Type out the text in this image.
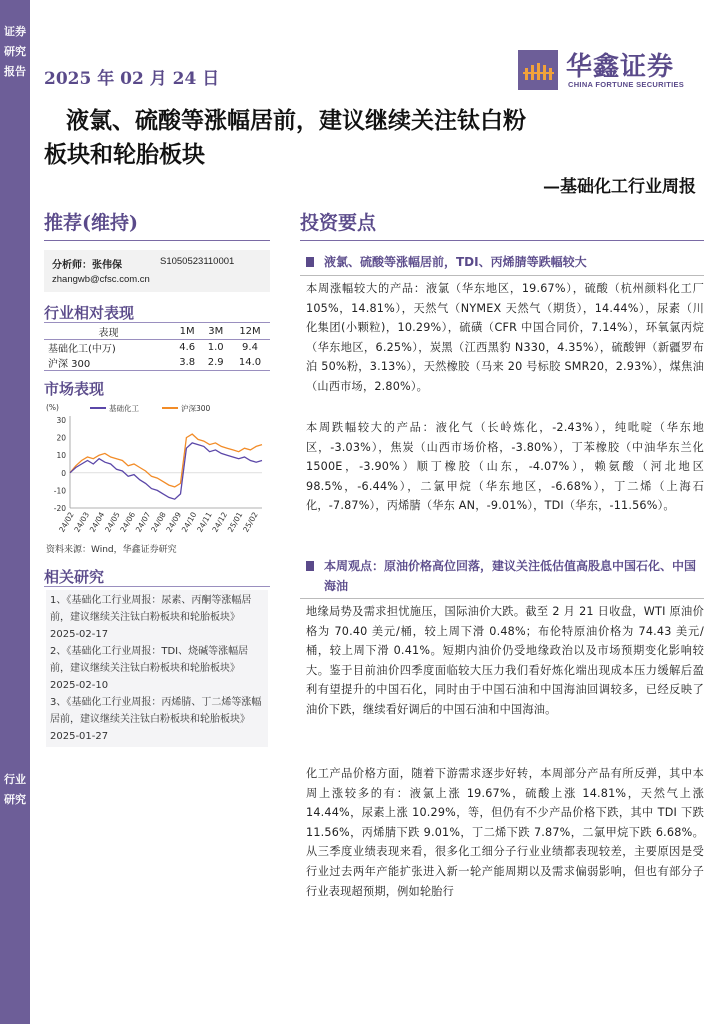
证券研究报告
行业研究
2025 年 02 月 24 日	华鑫证券
CHINA FORTUNE SECURITIES
液氯、硫酸等涨幅居前，建议继续关注钛白粉
板块和轮胎板块
—基础化工行业周报
推荐(维持)	投资要点
分析师：张伟保	S1050523110001
zhangwb@cfsc.com.cn
行业相对表现
表现	1M	3M	12M
基础化工(中万)	4.6	1.0	9.4
沪深 300	3.8	2.9	14.0
市场表现
(%)
30
20
10
0
-10
-20
24/02
24/03
24/04
24/05
24/06
24/07
24/08
24/09
24/10
24/11
24/12
25/01
25/02
基础化工	沪深300
资料来源：Wind，华鑫证券研究
相关研究

1、《基础化工行业周报：尿素、丙酮等涨幅居前，建议继续关注钛白粉板块和轮胎板块》2025-02-17

2、《基础化工行业周报：TDI、烧碱等涨幅居前，建议继续关注钛白粉板块和轮胎板块》2025-02-10

3、《基础化工行业周报：丙烯腈、丁二烯等涨幅居前，建议继续关注钛白粉板块和轮胎板块》2025-01-27

液氯、硫酸等涨幅居前，TDI、丙烯腈等跌幅较大
本周涨幅较大的产品：液氯（华东地区，19.67%），硫酸（杭州颜料化工厂 105%，14.81%），天然气（NYMEX 天然气（期货），14.44%），尿素（川化集团(小颗粒)，10.29%），硫磺（CFR 中国合同价，7.14%），环氧氯丙烷（华东地区，6.25%），炭黑（江西黑豹 N330，4.35%），硫酸钾（新疆罗布泊 50%粉，3.13%），天然橡胶（马来 20 号标胶 SMR20，2.93%），煤焦油（山西市场，2.80%）。
本周跌幅较大的产品：液化气（长岭炼化，-2.43%），纯吡啶（华东地区，-3.03%），焦炭（山西市场价格，-3.80%），丁苯橡胶（中油华东兰化 1500E，-3.90%）顺丁橡胶（山东，-4.07%），赖氨酸（河北地区 98.5%，-6.44%），二氯甲烷（华东地区，-6.68%），丁二烯（上海石化，-7.87%），丙烯腈（华东 AN，-9.01%），TDI（华东，-11.56%）。
本周观点：原油价格高位回落，建议关注低估值高股息中国石化、中国海油
地缘局势及需求担忧施压，国际油价大跌。截至 2 月 21 日收盘，WTI 原油价格为 70.40 美元/桶，较上周下滑 0.48%；布伦特原油价格为 74.43 美元/桶，较上周下滑 0.41%。短期内油价仍受地缘政治以及市场预期变化影响较大。鉴于目前油价四季度面临较大压力我们看好炼化端出现成本压力缓解后盈利有望提升的中国石化，同时由于中国石油和中国海油回调较多，已经反映了油价下跌，继续看好调后的中国石油和中国海油。
化工产品价格方面，随着下游需求逐步好转，本周部分产品有所反弹，其中本周上涨较多的有：液氯上涨 19.67%，硫酸上涨 14.81%，天然气上涨 14.44%，尿素上涨 10.29%，等，但仍有不少产品价格下跌，其中 TDI 下跌 11.56%，丙烯腈下跌 9.01%，丁二烯下跌 7.87%，二氯甲烷下跌 6.68%。从三季度业绩表现来看，很多化工细分子行业业绩都表现较差，主要原因是受行业过去两年产能扩张进入新一轮产能周期以及需求偏弱影响，但也有部分子行业表现超预期，例如轮胎行
